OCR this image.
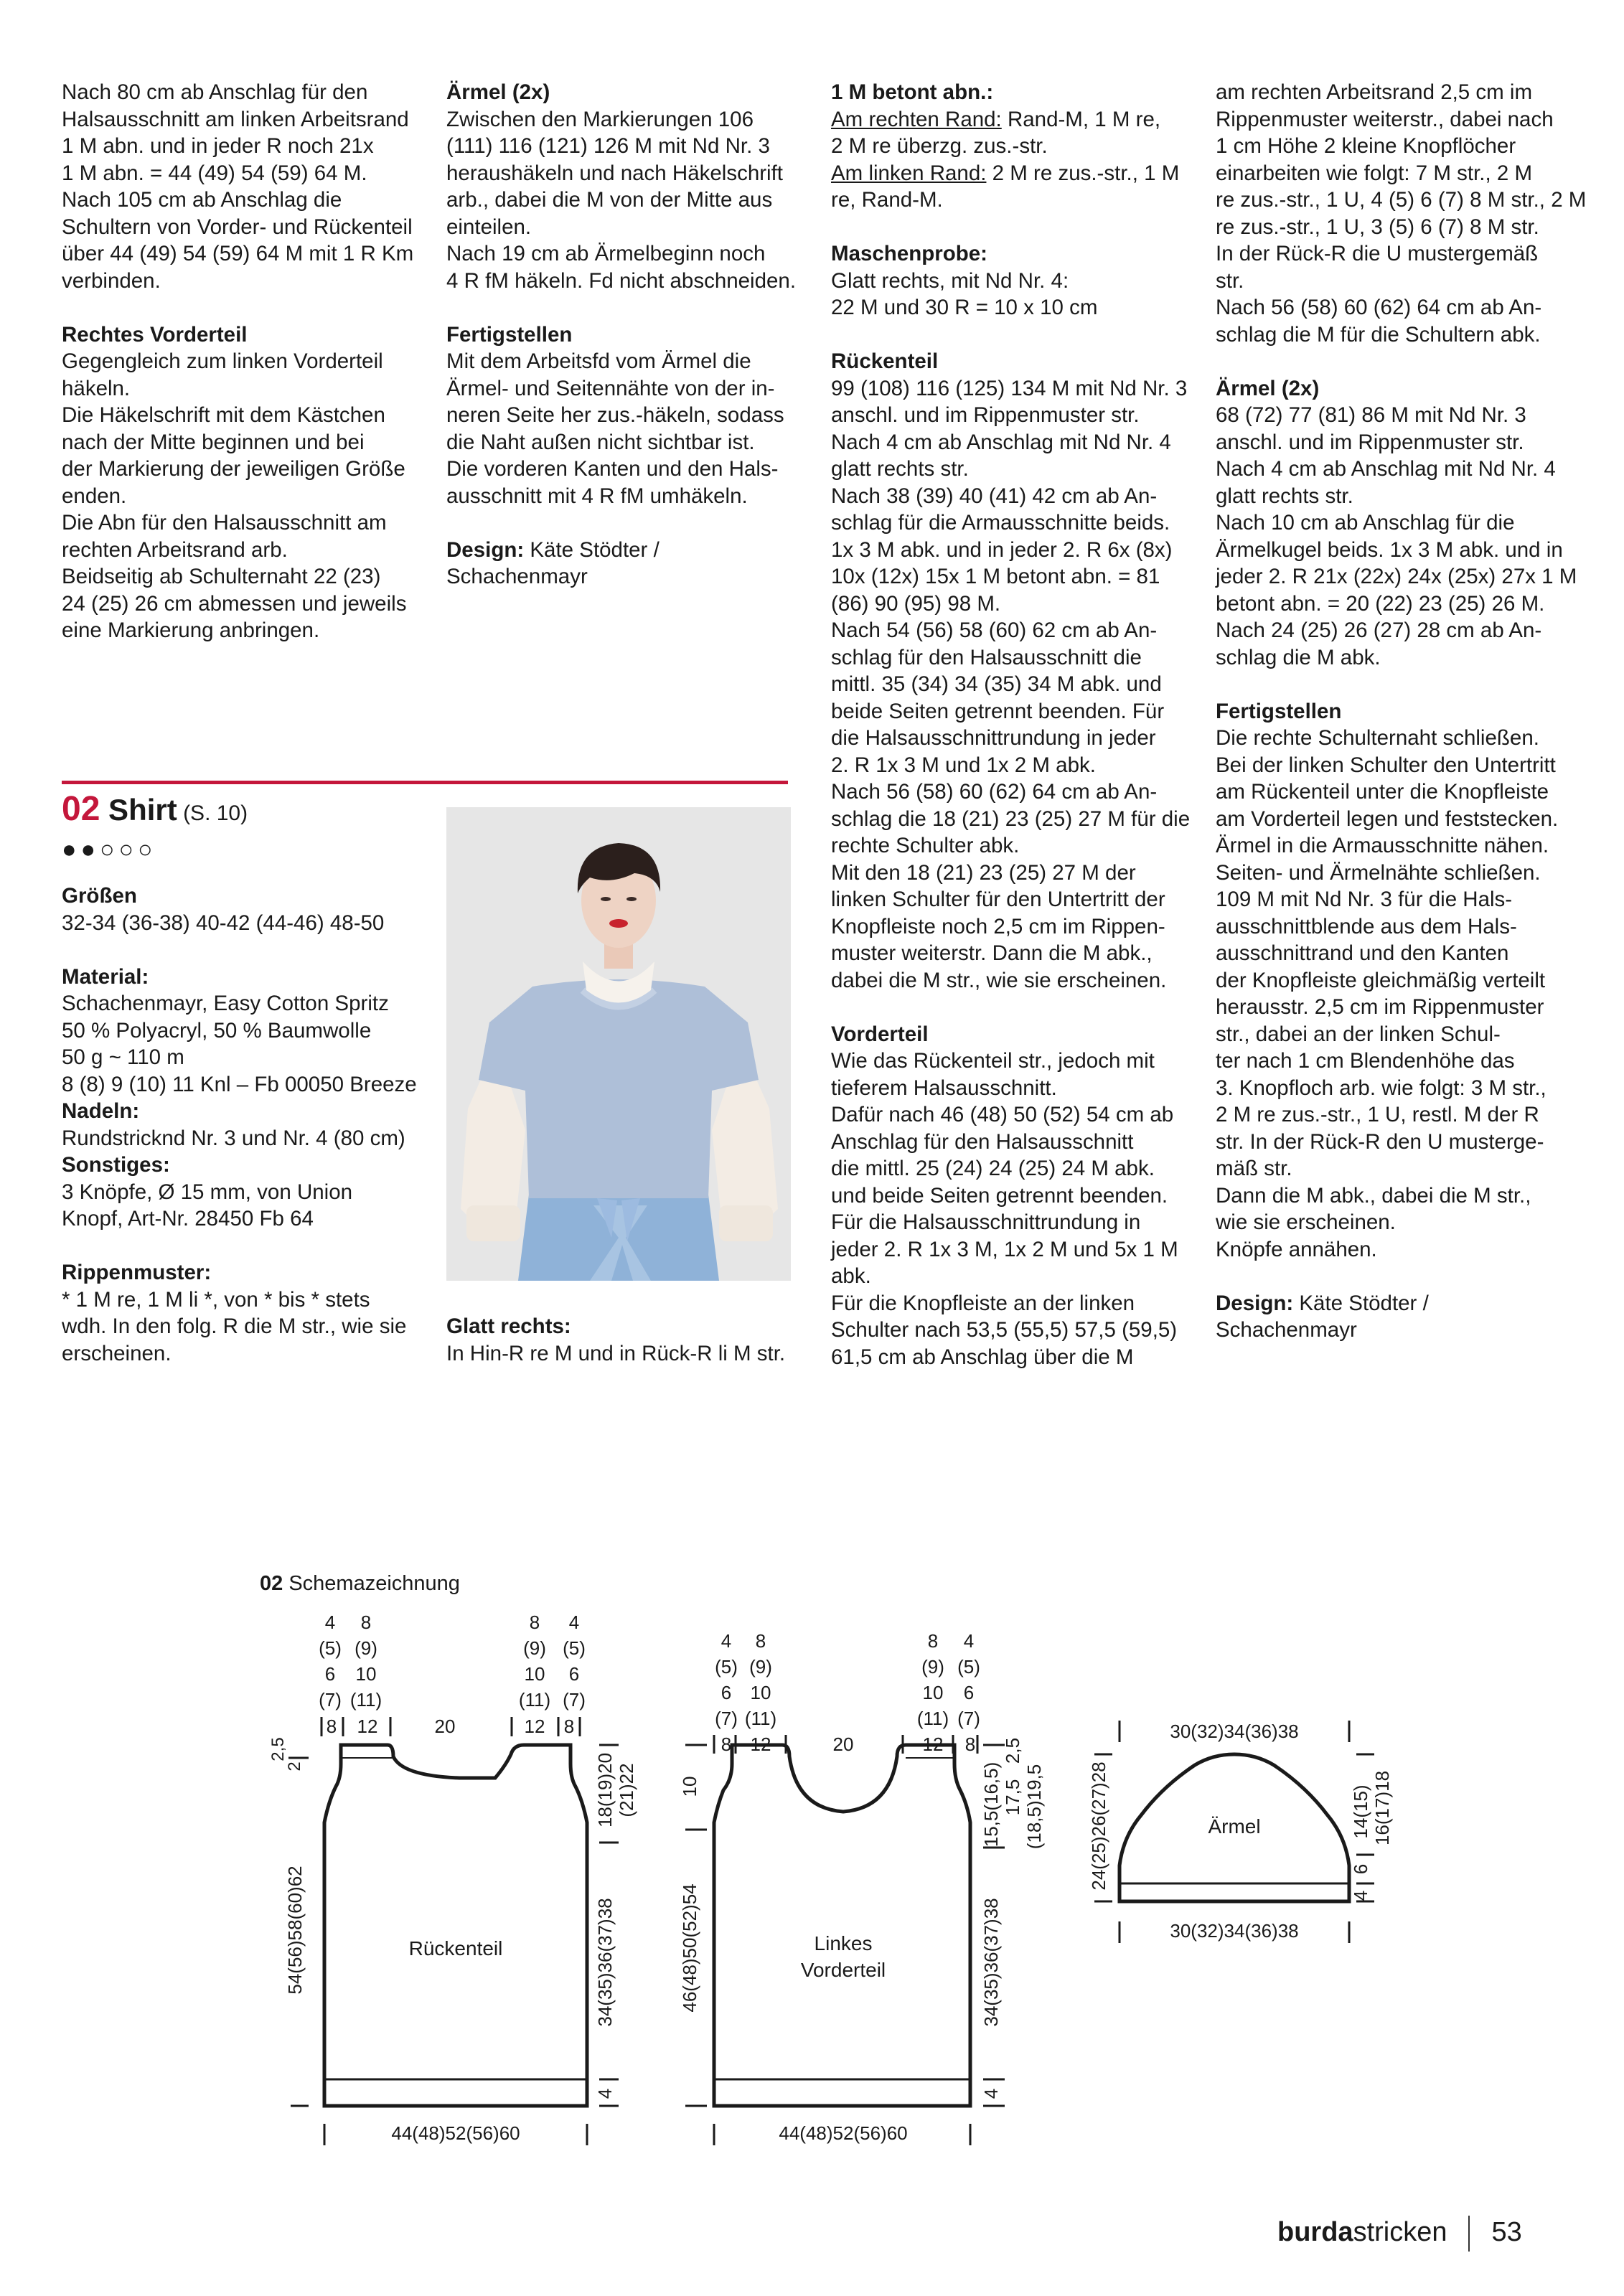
Nach 80 cm ab Anschlag für den

Halsausschnitt am linken Arbeitsrand

1 M abn. und in jeder R noch 21x

1 M abn. = 44 (49) 54 (59) 64 M.

Nach 105 cm ab Anschlag die

Schultern von Vorder- und Rückenteil

über 44 (49) 54 (59) 64 M mit 1 R Km

verbinden.

Rechtes Vorderteil

Gegengleich zum linken Vorderteil

häkeln.

Die Häkelschrift mit dem Kästchen

nach der Mitte beginnen und bei

der Markierung der jeweiligen Größe

enden.

Die Abn für den Halsausschnitt am

rechten Arbeitsrand arb.

Beidseitig ab Schulternaht 22 (23)

24 (25) 26 cm abmessen und jeweils

eine Markierung anbringen.

Ärmel (2x)

Zwischen den Markierungen 106

(111) 116 (121) 126 M mit Nd Nr. 3

heraushäkeln und nach Häkelschrift

arb., dabei die M von der Mitte aus

einteilen.

Nach 19 cm ab Ärmelbeginn noch

4 R fM häkeln. Fd nicht abschneiden.

Fertigstellen

Mit dem Arbeitsfd vom Ärmel die

Ärmel- und Seitennähte von der in-

neren Seite her zus.-häkeln, sodass

die Naht außen nicht sichtbar ist.

Die vorderen Kanten und den Hals-

ausschnitt mit 4 R fM umhäkeln.

Design: Käte Stödter /

Schachenmayr

02 Shirt (S. 10)
●●○○○

Größen

32-34 (36-38) 40-42 (44-46) 48-50

Material:

Schachenmayr, Easy Cotton Spritz

50 % Polyacryl, 50 % Baumwolle

50 g ~ 110 m

8 (8) 9 (10) 11 Knl – Fb 00050 Breeze

Nadeln:

Rundstricknd Nr. 3 und Nr. 4 (80 cm)

Sonstiges:

3 Knöpfe, Ø 15 mm, von Union

Knopf, Art-Nr. 28450 Fb 64

Rippenmuster:

* 1 M re, 1 M li *, von * bis * stets

wdh. In den folg. R die M str., wie sie

erscheinen.

Glatt rechts:

In Hin-R re M und in Rück-R li M str.

1 M betont abn.:

Am rechten Rand: Rand-M, 1 M re,

2 M re überzg. zus.-str.

Am linken Rand: 2 M re zus.-str., 1 M

re, Rand-M.

Maschenprobe:

Glatt rechts, mit Nd Nr. 4:

22 M und 30 R = 10 x 10 cm

Rückenteil

99 (108) 116 (125) 134 M mit Nd Nr. 3

anschl. und im Rippenmuster str.

Nach 4 cm ab Anschlag mit Nd Nr. 4

glatt rechts str.

Nach 38 (39) 40 (41) 42 cm ab An-

schlag für die Armausschnitte beids.

1x 3 M abk. und in jeder 2. R 6x (8x)

10x (12x) 15x 1 M betont abn. = 81

(86) 90 (95) 98 M.

Nach 54 (56) 58 (60) 62 cm ab An-

schlag für den Halsausschnitt die

mittl. 35 (34) 34 (35) 34 M abk. und

beide Seiten getrennt beenden. Für

die Halsausschnittrundung in jeder

2. R 1x 3 M und 1x 2 M abk.

Nach 56 (58) 60 (62) 64 cm ab An-

schlag die 18 (21) 23 (25) 27 M für die

rechte Schulter abk.

Mit den 18 (21) 23 (25) 27 M der

linken Schulter für den Untertritt der

Knopfleiste noch 2,5 cm im Rippen-

muster weiterstr. Dann die M abk.,

dabei die M str., wie sie erscheinen.

Vorderteil

Wie das Rückenteil str., jedoch mit

tieferem Halsausschnitt.

Dafür nach 46 (48) 50 (52) 54 cm ab

Anschlag für den Halsausschnitt

die mittl. 25 (24) 24 (25) 24 M abk.

und beide Seiten getrennt beenden.

Für die Halsausschnittrundung in

jeder 2. R 1x 3 M, 1x 2 M und 5x 1 M

abk.

Für die Knopfleiste an der linken

Schulter nach 53,5 (55,5) 57,5 (59,5)

61,5 cm ab Anschlag über die M

am rechten Arbeitsrand 2,5 cm im

Rippenmuster weiterstr., dabei nach

1 cm Höhe 2 kleine Knopflöcher

einarbeiten wie folgt: 7 M str., 2 M

re zus.-str., 1 U, 4 (5) 6 (7) 8 M str., 2 M

re zus.-str., 1 U, 3 (5) 6 (7) 8 M str.

In der Rück-R die U mustergemäß

str.

Nach 56 (58) 60 (62) 64 cm ab An-

schlag die M für die Schultern abk.

Ärmel (2x)

68 (72) 77 (81) 86 M mit Nd Nr. 3

anschl. und im Rippenmuster str.

Nach 4 cm ab Anschlag mit Nd Nr. 4

glatt rechts str.

Nach 10 cm ab Anschlag für die

Ärmelkugel beids. 1x 3 M abk. und in

jeder 2. R 21x (22x) 24x (25x) 27x 1 M

betont abn. = 20 (22) 23 (25) 26 M.

Nach 24 (25) 26 (27) 28 cm ab An-

schlag die M abk.

Fertigstellen

Die rechte Schulternaht schließen.

Bei der linken Schulter den Untertritt

am Rückenteil unter die Knopfleiste

am Vorderteil legen und feststecken.

Ärmel in die Armausschnitte nähen.

Seiten- und Ärmelnähte schließen.

109 M mit Nd Nr. 3 für die Hals-

ausschnittblende aus dem Hals-

ausschnittrand und den Kanten

der Knopfleiste gleichmäßig verteilt

herausstr. 2,5 cm im Rippenmuster

str., dabei an der linken Schul-

ter nach 1 cm Blendenhöhe das

3. Knopfloch arb. wie folgt: 3 M str.,

2 M re zus.-str., 1 U, restl. M der R

str. In der Rück-R den U musterge-

mäß str.

Dann die M abk., dabei die M str.,

wie sie erscheinen.

Knöpfe annähen.

Design: Käte Stödter /

Schachenmayr

02 Schemazeichnung
Rückenteil
4
(5)
6
(7)
8
(9)
10
(11)
8
(9)
10
(11)
4
(5)
6
(7)
8 12	20	12 8
2,5
2
54(56)58(60)62
18(19)20 (21)22
34(35)36(37)38
4
44(48)52(56)60
Linkes
Vorderteil
4
(5)
6
(7)
8
(9)
10
(11)
8
(9)
10
(11)
4
(5)
6
(7)
8 12	20	12 8
10
46(48)50(52)54
15,5(16,5) 17,5
2,5
(18,5)19,5
34(35)36(37)38
4
44(48)52(56)60
Ärmel
30(32)34(36)38
30(32)34(36)38
24(25)26(27)28	14(15) 16(17)18
6
4
burdastricken 53
